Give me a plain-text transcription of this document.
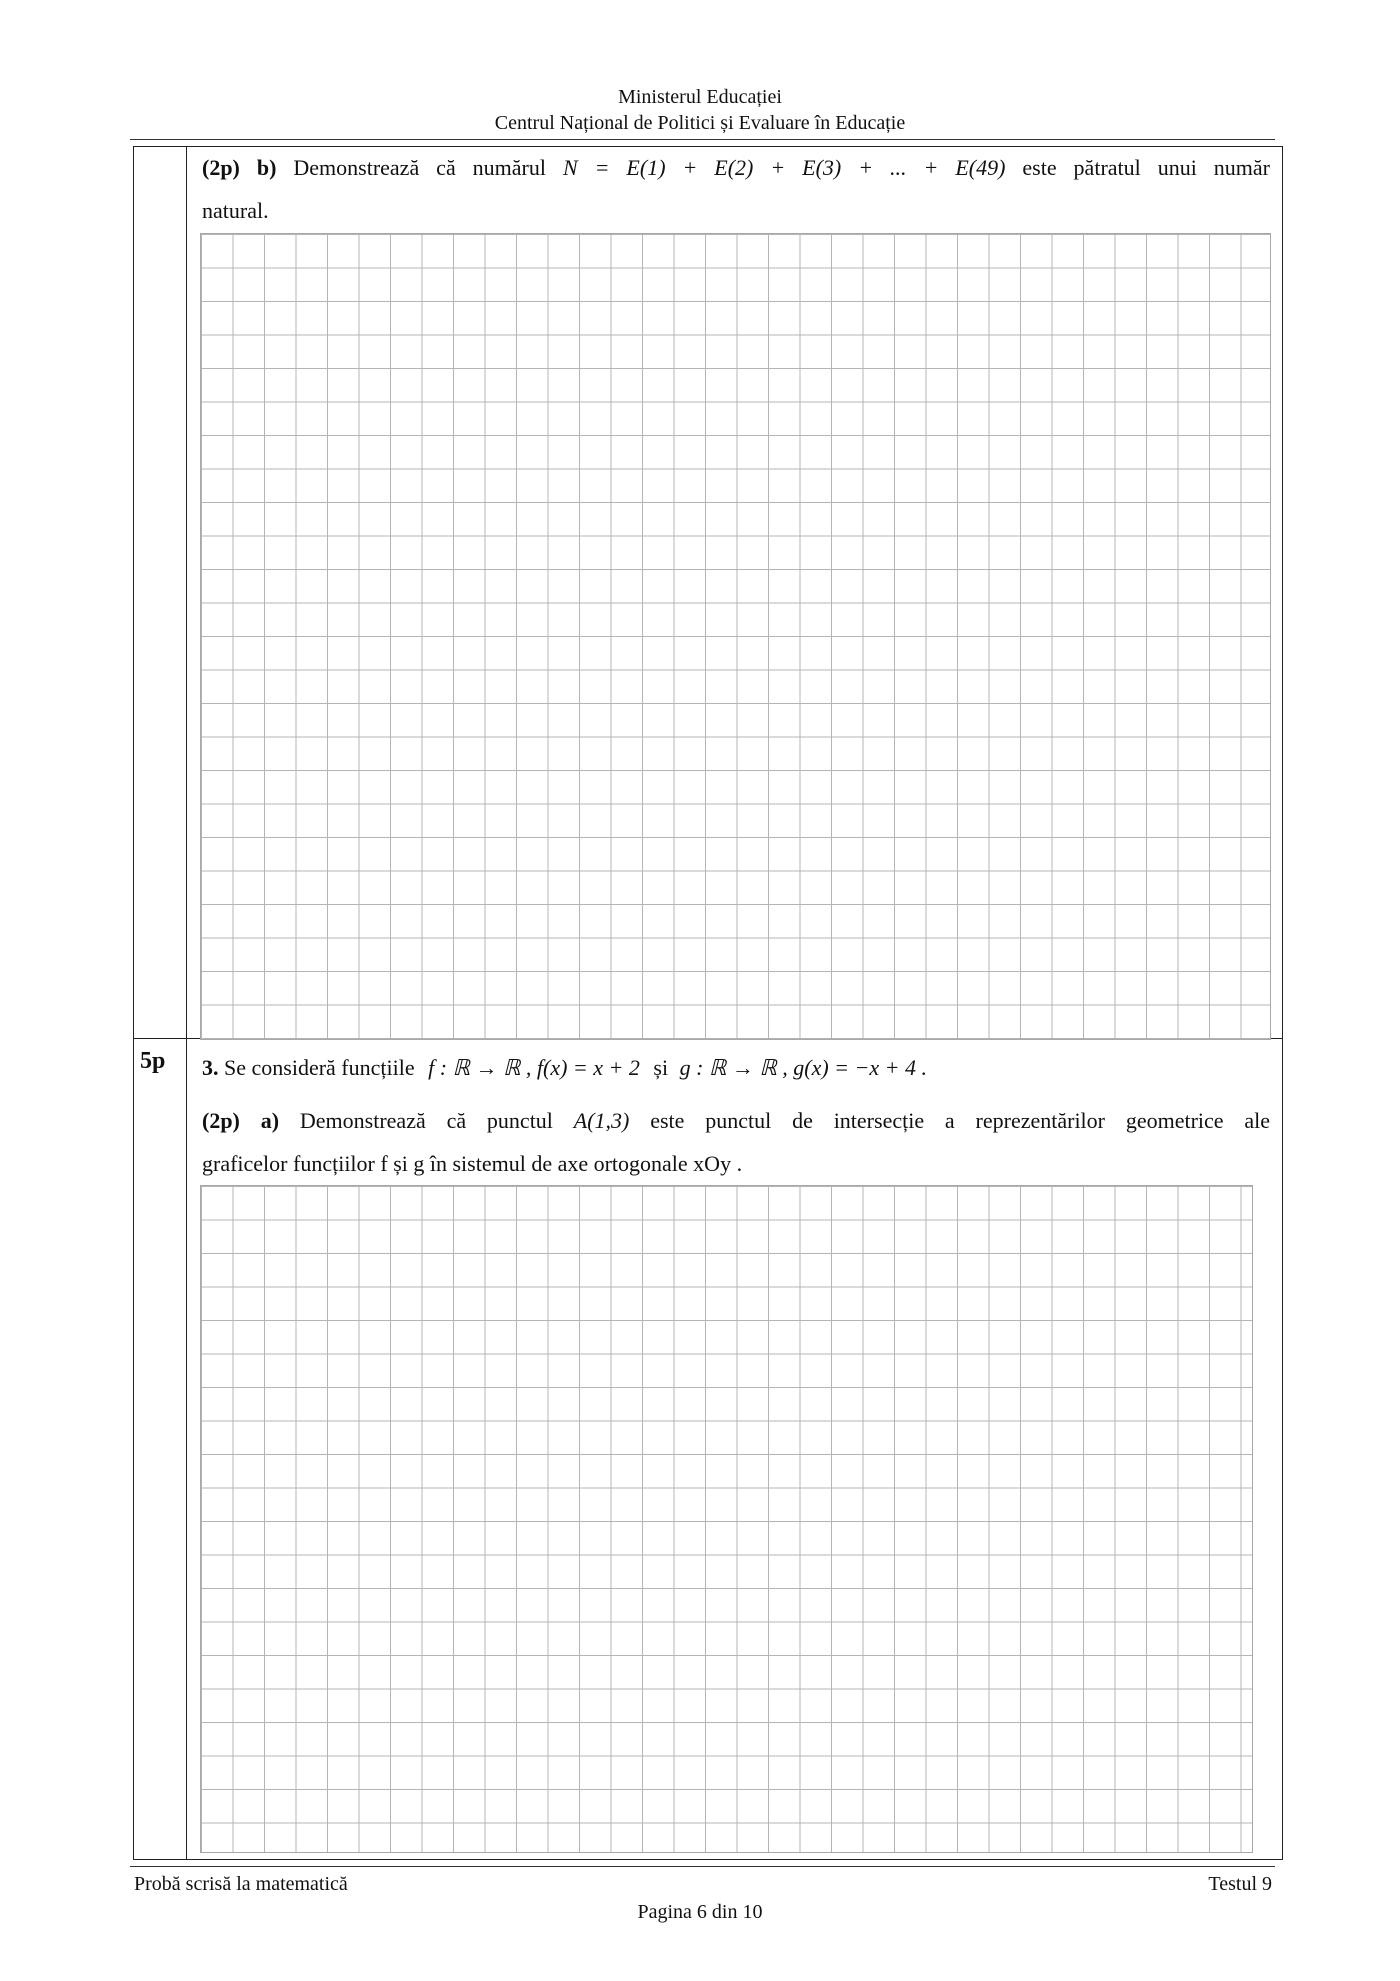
Ministerul Educației
Centrul Național de Politici și Evaluare în Educație
(2p) b) Demonstrează că numărul N = E(1) + E(2) + E(3) + ... + E(49) este pătratul unui număr
natural.
5p 3. Se consideră funcțiile f : ℝ → ℝ , f(x) = x + 2 și g : ℝ → ℝ , g(x) = −x + 4 .
(2p) a) Demonstrează că punctul A(1,3) este punctul de intersecție a reprezentărilor geometrice ale
graficelor funcțiilor f și g în sistemul de axe ortogonale xOy .
Probă scrisă la matematică	Testul 9
Pagina 6 din 10
